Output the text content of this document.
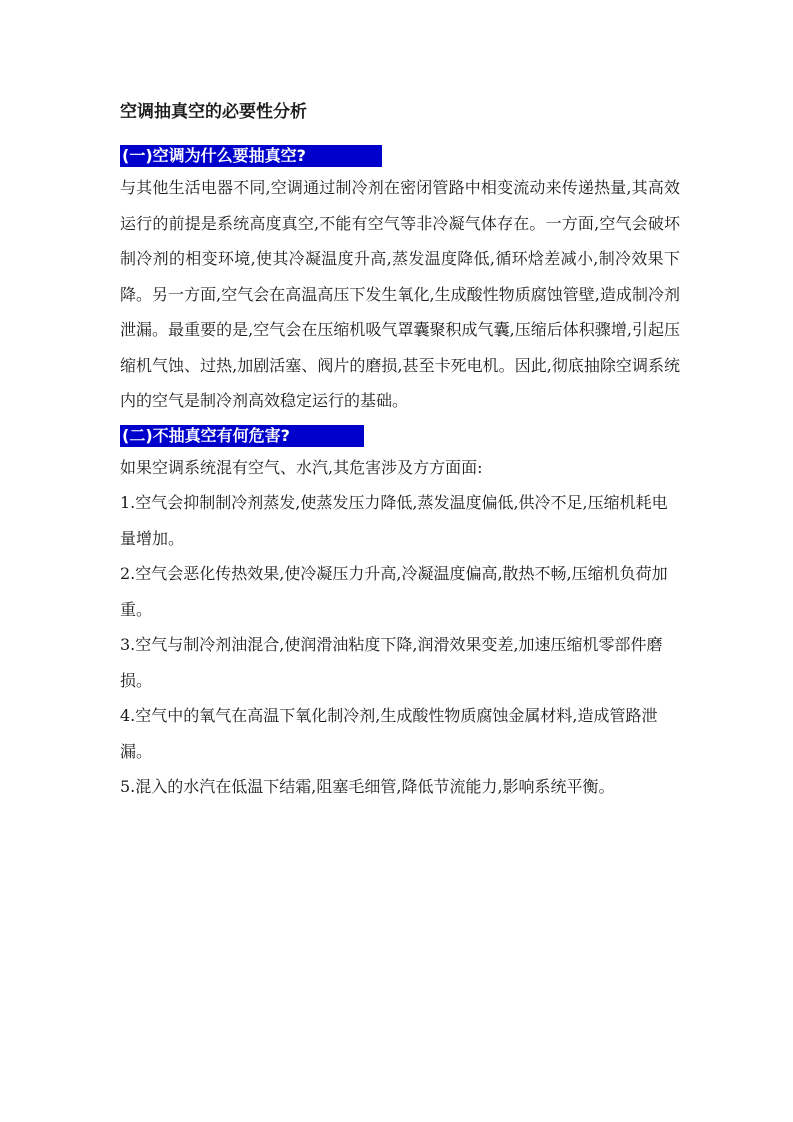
空调抽真空的必要性分析
(一)空调为什么要抽真空?

与其他生活电器不同,空调通过制冷剂在密闭管路中相变流动来传递热量,其高效运行的前提是系统高度真空,不能有空气等非冷凝气体存在。一方面,空气会破坏制冷剂的相变环境,使其冷凝温度升高,蒸发温度降低,循环焓差减小,制冷效果下降。另一方面,空气会在高温高压下发生氧化,生成酸性物质腐蚀管壁,造成制冷剂泄漏。最重要的是,空气会在压缩机吸气罩囊聚积成气囊,压缩后体积骤增,引起压缩机气蚀、过热,加剧活塞、阀片的磨损,甚至卡死电机。因此,彻底抽除空调系统内的空气是制冷剂高效稳定运行的基础。

(二)不抽真空有何危害?

如果空调系统混有空气、水汽,其危害涉及方方面面:

1.空气会抑制制冷剂蒸发,使蒸发压力降低,蒸发温度偏低,供冷不足,压缩机耗电量增加。
2.空气会恶化传热效果,使冷凝压力升高,冷凝温度偏高,散热不畅,压缩机负荷加重。
3.空气与制冷剂油混合,使润滑油粘度下降,润滑效果变差,加速压缩机零部件磨损。
4.空气中的氧气在高温下氧化制冷剂,生成酸性物质腐蚀金属材料,造成管路泄漏。
5.混入的水汽在低温下结霜,阻塞毛细管,降低节流能力,影响系统平衡。
